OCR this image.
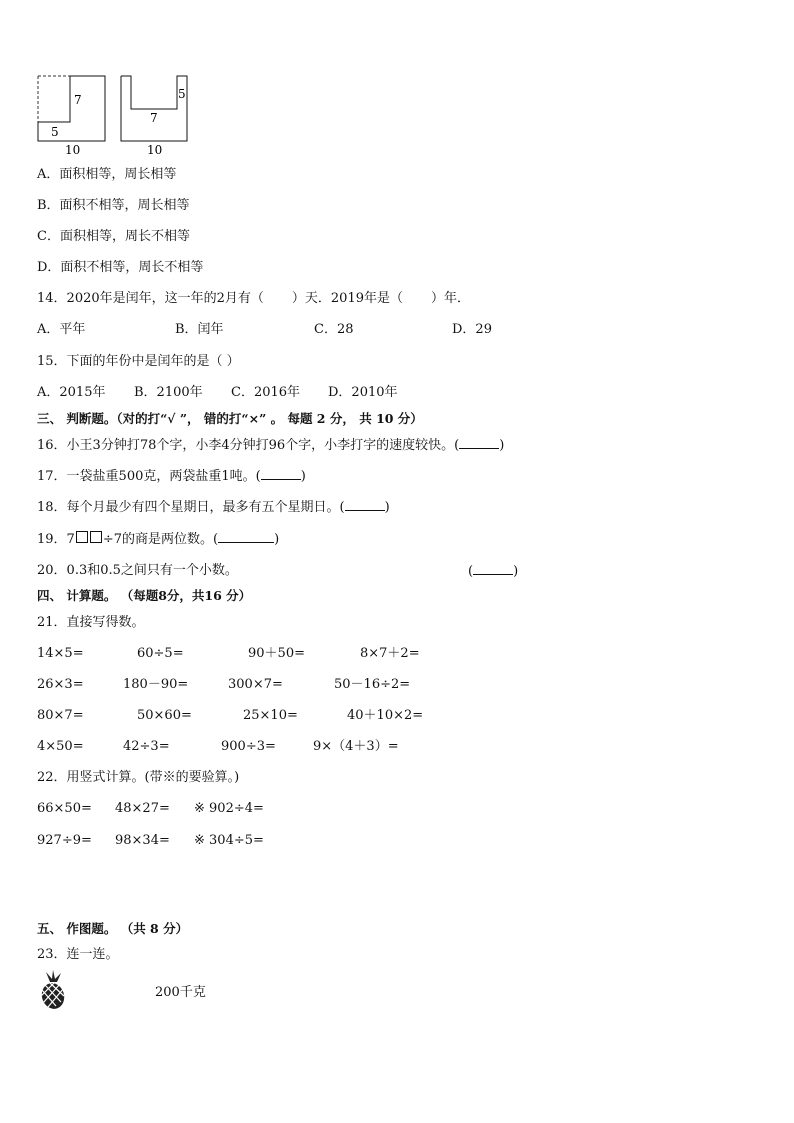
7
5
10
5
7
10
A．面积相等，周长相等
B．面积不相等，周长相等
C．面积相等，周长不相等
D．面积不相等，周长不相等
14．2020年是闰年，这一年的2月有（ ）天．2019年是（ ）年．
A．平年	B．闰年	C．28	D．29
15．下面的年份中是闰年的是（ ）
A．2015年 B．2100年 C．2016年 D．2010年
三、 判断题。（对的打“√ ”， 错的打“×” 。 每题 2 分， 共 10 分）
16．小王3分钟打78个字，小李4分钟打96个字，小李打字的速度较快。(	)
17．一袋盐重500克，两袋盐重1吨。(	)
18．每个月最少有四个星期日，最多有五个星期日。(	)
19．7 ÷7的商是两位数。(	)
20．0.3和0.5之间只有一个小数。	(	)
四、 计算题。 （每题8分，共16 分）
21．直接写得数。
14×5=	60÷5=	90＋50=	8×7＋2=
26×3=	180－90=	300×7=	50－16÷2=
80×7=	50×60=	25×10=	40＋10×2=
4×50=	42÷3=	900÷3=	9×（4＋3）=
22．用竖式计算。(带※的要验算。)
66×50= 48×27= ※ 902÷4=
927÷9= 98×34= ※ 304÷5=
五、 作图题。 （共 8 分）
23．连一连。
200千克
